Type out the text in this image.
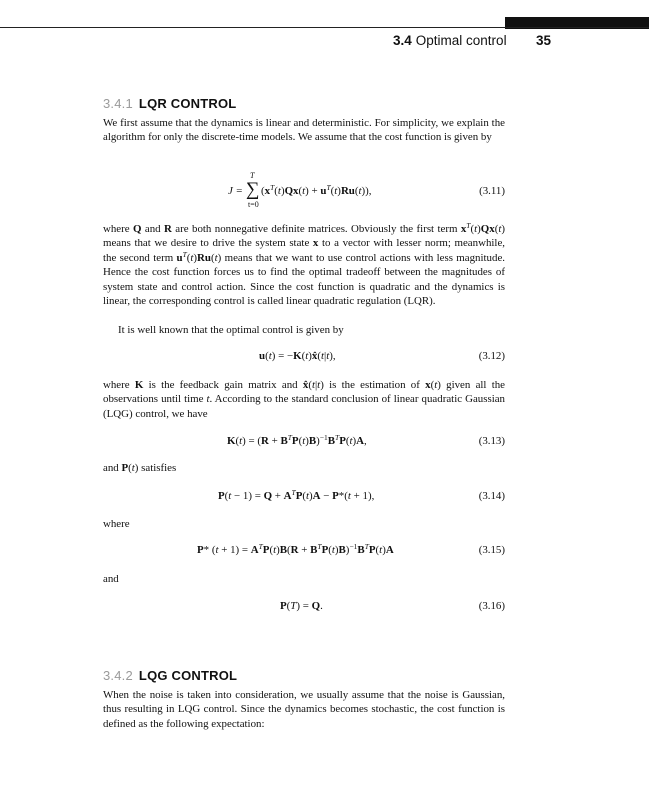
3.4 Optimal control 35
3.4.1 LQR CONTROL
We first assume that the dynamics is linear and deterministic. For simplicity, we explain the algorithm for only the discrete-time models. We assume that the cost function is given by
J =
T
∑
t=0
$(x^T(t)Qx(t) + u^T(t)Ru(t))$,	(3.11)
where Q and R are both nonnegative definite matrices. Obviously the first term $x^T(t)Qx(t)$ means that we desire to drive the system state x to a vector with lesser norm; meanwhile, the second term $u^T(t)Ru(t)$ means that we want to use control actions with less magnitude. Hence the cost function forces us to find the optimal tradeoff between the magnitudes of system state and control action. Since the cost function is quadratic and the dynamics is linear, the corresponding control is called linear quadratic regulation (LQR).
It is well known that the optimal control is given by
u(t) = −K(t)x̂(t|t),	(3.12)
where K is the feedback gain matrix and x̂(t|t) is the estimation of x(t) given all the observations until time t. According to the standard conclusion of linear quadratic Gaussian (LQG) control, we have
$K(t) = (R + B^TP(t)B)^{-1}B^TP(t)A$,	(3.13)
and P(t) satisfies
$P(t - 1) = Q + A^TP(t)A - P*(t + 1)$,	(3.14)
where
P* $(t + 1) = A^TP(t)B(R + B^TP(t)B)^{-1}B^TP(t)A$	(3.15)
and
P(T) = Q.	(3.16)
3.4.2 LQG CONTROL
When the noise is taken into consideration, we usually assume that the noise is Gaussian, thus resulting in LQG control. Since the dynamics becomes stochastic, the cost function is defined as the following expectation:
